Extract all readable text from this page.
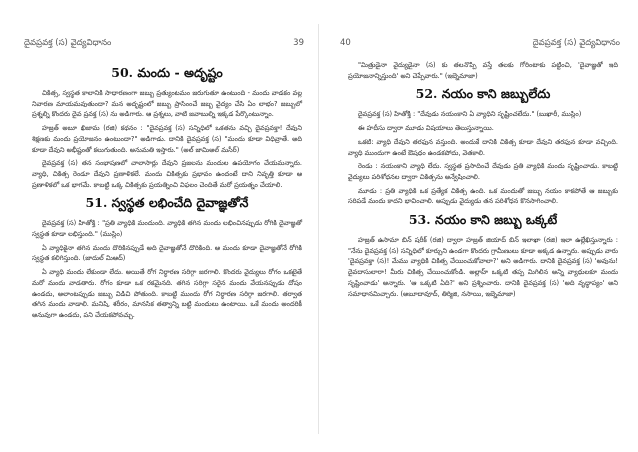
దైవప్రవక్త (స) వైద్యవిధానం	39
50. మందు - అదృష్టం

చికిత్స, స్వస్థత కాలానికి సాధారణంగా జబ్బు ప్రత్యుంటమం జరుగుతూ ఉంటుంది - మందు వాడకం వల్ల నివారణ మాయమవుతుందా? మన అదృష్టంలో జబ్బు ప్రాసింంచే జబ్బ వైద్యం చేసి ఏం లాభం? జబ్బులో ప్రశ్నల్ని కొందరు దైవ ప్రవక్త (స) ను అడిగారు. ఆ ప్రశ్నలు, వాటి జవాబుల్ని ఇక్కడ పేర్కొంటున్నాం.

హజ్రత్ అబూ ఖిజామ (రజి) కథనం : "దైవప్రవక్త (స) సన్నిధిలో ఒకతను వచ్చి దైవప్రవక్తా! దేవుని శిక్షణకు మందు ప్రయోజనం ఉంటుందా?" అడిగాడు. దానికి దైవప్రవక్త (స) "మందు కూడా విధివ్రాతే. అది కూడా దేవుని అభీష్టంతో కలుగుతుంది. అనుమతి ఇస్తారు." (అల్ జామిఅల్ మసీర్)

దైవప్రవక్త (స) తన సంభాషణలో చాలాసార్లు దేవుని ప్రజలను మందుల ఉపయోగం చేయమన్నారు. వ్యాధి, చికిత్స రెండూ దేవుని ప్రణాళికలే. మందు చికిత్సకు ప్రభావం ఉందంటే దాని నివృత్తి కూడా ఆ ప్రణాళికలో ఒక భాగమే. కాబట్టి ఒక్క చికిత్సకు ప్రయత్నించి విఫలం చెందితే మరో ప్రయత్నం చేయాలి.

51. స్వస్థత లభించేది దైవాజ్ఞతోనే

దైవప్రవక్త (స) హితోక్తి : "ప్రతి వ్యాధికి మందుంది. వ్యాధికి తగిన మందు లభించినప్పుడు రోగికి దైవాజ్ఞతో స్వస్థత కూడా లభిస్తుంది." (ముస్లిం)

ఏ వ్యాధికైనా తగిన మందు దొరికినప్పుడే అది దైవాజ్ఞతోనే దొరికింది. ఆ మందు కూడా దైవాజ్ఞతోనే రోగికి స్వస్థత కలిగిస్తుంది. (జాదుల్ మిఆద్)

ఏ వ్యాధి మందు లేకుండా లేదు. అయితే రోగ నిర్ధారణ సరిగ్గా జరగాలి. కొందరు వైద్యులు రోగం ఒకటైతే మరో మందు వాడతారు. రోగం కూడా ఒక రకమైనది. తగిన సరిగ్గా సరైన మందు వేయనప్పుడు దోషం ఉండదు, అలాంటప్పుడు జబ్బు విడిచి పోతుంది. కాబట్టి ముందు రోగ నిర్ధారణ సరిగ్గా జరగాలి. తర్వాత తగిన మందు వాడాలి. మనిషి, శరీరం, మానసిక తత్వాన్ని బట్టి మందులు ఉంటాయి. ఒకే మందు అందరికీ అనువుగా ఉండదు, పని చేయకపోవచ్చు.

40	దైవప్రవక్త (స) వైద్యవిధానం

"మిత్రుడైనా వైద్యుడైనా (స) కు తలనొప్పి వస్తే తలకు గోరింటాకు పట్టించి, 'దైవాజ్ఞతో ఇది ప్రయోజనాన్నిస్తుంది' అని చెప్పేవారు." (ఇబ్నెమాజా)

52. నయం కాని జబ్బులేదు

దైవప్రవక్త (స) హితోక్తి : "దేవుడు నయంకాని ఏ వ్యాధిని సృష్టించలేదు." (బుఖారీ, ముస్లిం)

ఈ హదీసు ద్వారా మూడు విషయాలు తెలుస్తున్నాయి.

ఒకటి: వ్యాధి దేవుని తరఫున వస్తుంది. అందుకే దానికి చికిత్స కూడా దేవుని తరఫున కూడా వచ్చింది. వ్యాధి ముందుగా ఉంటే ఔషధం ఉండకపోదు, వెతకాలి.

రెండు : నయంకాని వ్యాధి లేదు. స్వస్థత ప్రసాదించే దేవుడు ప్రతి వ్యాధికి మందు సృష్టించాడు. కాబట్టి వైద్యులు పరిశోధనల ద్వారా చికిత్సను అన్వేషించాలి.

మూడు : ప్రతి వ్యాధికి ఒక ప్రత్యేక చికిత్స ఉంది. ఒక మందుతో జబ్బు నయం కాకపోతే ఆ జబ్బుకు సరిపడే మందు కాదని భావించాలి. అప్పుడు వైద్యుడు తన పరిశోధన కొనసాగించాలి.

53. నయం కాని జబ్బు ఒక్కటే

హజ్రత్ ఉసామా బిన్ షరీక్ (రజి) ద్వారా హజ్రత్ జియాద్ బిన్ ఇలాఖా (రజి) ఇలా ఉల్లేఖిస్తున్నారు : "నేను దైవప్రవక్త (స) సన్నిధిలో కూర్చుని ఉండగా కొందరు గ్రామీణులు కూడా అక్కడ ఉన్నారు. అప్పుడు వారు 'దైవప్రవక్తా (స)! మేము వ్యాధికి చికిత్స చేయించుకోవాలా?' అని అడిగారు. దానికి దైవప్రవక్త (స) 'అవును! దైవదాసులారా! మీరు చికిత్స చేయించుకోండి. అల్లాహ్ ఒక్కటి తప్ప మిగిలిన అన్ని వ్యాధులకూ మందు సృష్టించాడు' అన్నారు. 'ఆ ఒక్కటి ఏది?' అని ప్రశ్నించారు. దానికి దైవప్రవక్త (స) 'అది వృద్ధాప్యం' అని సమాధానమిచ్చారు. (అబూదావూద్, తిర్మిజి, నసాయి, ఇబ్నెమాజా)
